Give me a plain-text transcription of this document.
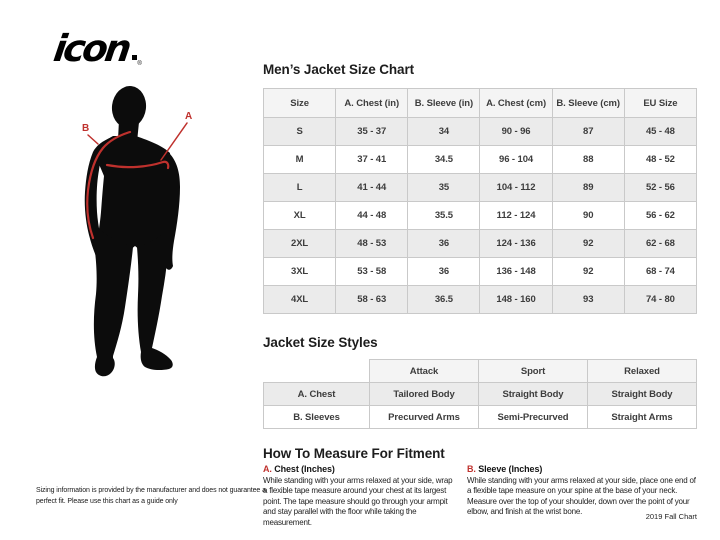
icon ®
A
B
Sizing information is provided by the manufacturer and does not guarantee a perfect fit. Please use this chart as a guide only
Men’s Jacket Size Chart
Size	A. Chest (in)	B. Sleeve (in)	A. Chest (cm)	B. Sleeve (cm)	EU Size
S	35 - 37	34	90 - 96	87	45 - 48
M	37 - 41	34.5	96 - 104	88	48 - 52
L	41 - 44	35	104 - 112	89	52 - 56
XL	44 - 48	35.5	112 - 124	90	56 - 62
2XL	48 - 53	36	124 - 136	92	62 - 68
3XL	53 - 58	36	136 - 148	92	68 - 74
4XL	58 - 63	36.5	148 - 160	93	74 - 80
Jacket Size Styles
	Attack	Sport	Relaxed
A. Chest	Tailored Body	Straight Body	Straight Body
B. Sleeves	Precurved Arms	Semi-Precurved	Straight Arms
How To Measure For Fitment
A. Chest (Inches)

While standing with your arms relaxed at your side, wrap a flexible tape measure around your chest at its largest point. The tape measure should go through your armpit and stay parallel with the floor while taking the measurement.

B. Sleeve (Inches)

While standing with your arms relaxed at your side, place one end of a flexible tape measure on your spine at the base of your neck. Measure over the top of your shoulder, down over the point of your elbow, and finish at the wrist bone.

2019 Fall Chart
